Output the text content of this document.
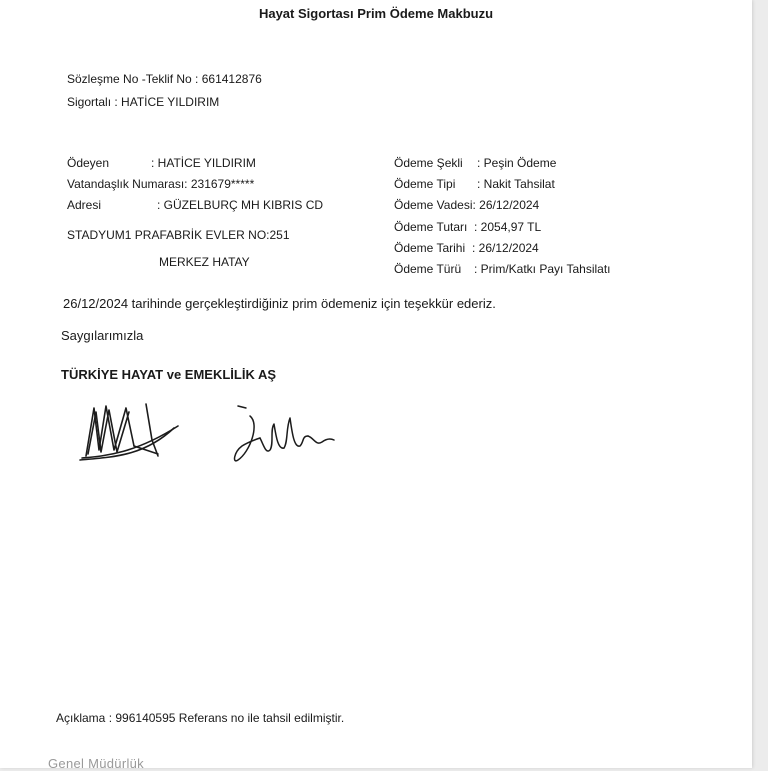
Hayat Sigortası Prim Ödeme Makbuzu
Sözleşme No -Teklif No : 661412876
Sigortalı : HATİCE YILDIRIM
Ödeyen	: HATİCE YILDIRIM
Vatandaşlık Numarası: 231679*****
Adresi	: GÜZELBURÇ MH KIBRIS CD
STADYUM1 PRAFABRİK EVLER NO:251
MERKEZ HATAY
Ödeme Şekli : Peşin Ödeme
Ödeme Tipi : Nakit Tahsilat
Ödeme Vadesi: 26/12/2024
Ödeme Tutarı : 2054,97 TL
Ödeme Tarihi : 26/12/2024
Ödeme Türü : Prim/Katkı Payı Tahsilatı
26/12/2024 tarihinde gerçekleştirdiğiniz prim ödemeniz için teşekkür ederiz.
Saygılarımızla
TÜRKİYE HAYAT ve EMEKLİLİK AŞ
Açıklama : 996140595 Referans no ile tahsil edilmiştir.
Genel Müdürlük
